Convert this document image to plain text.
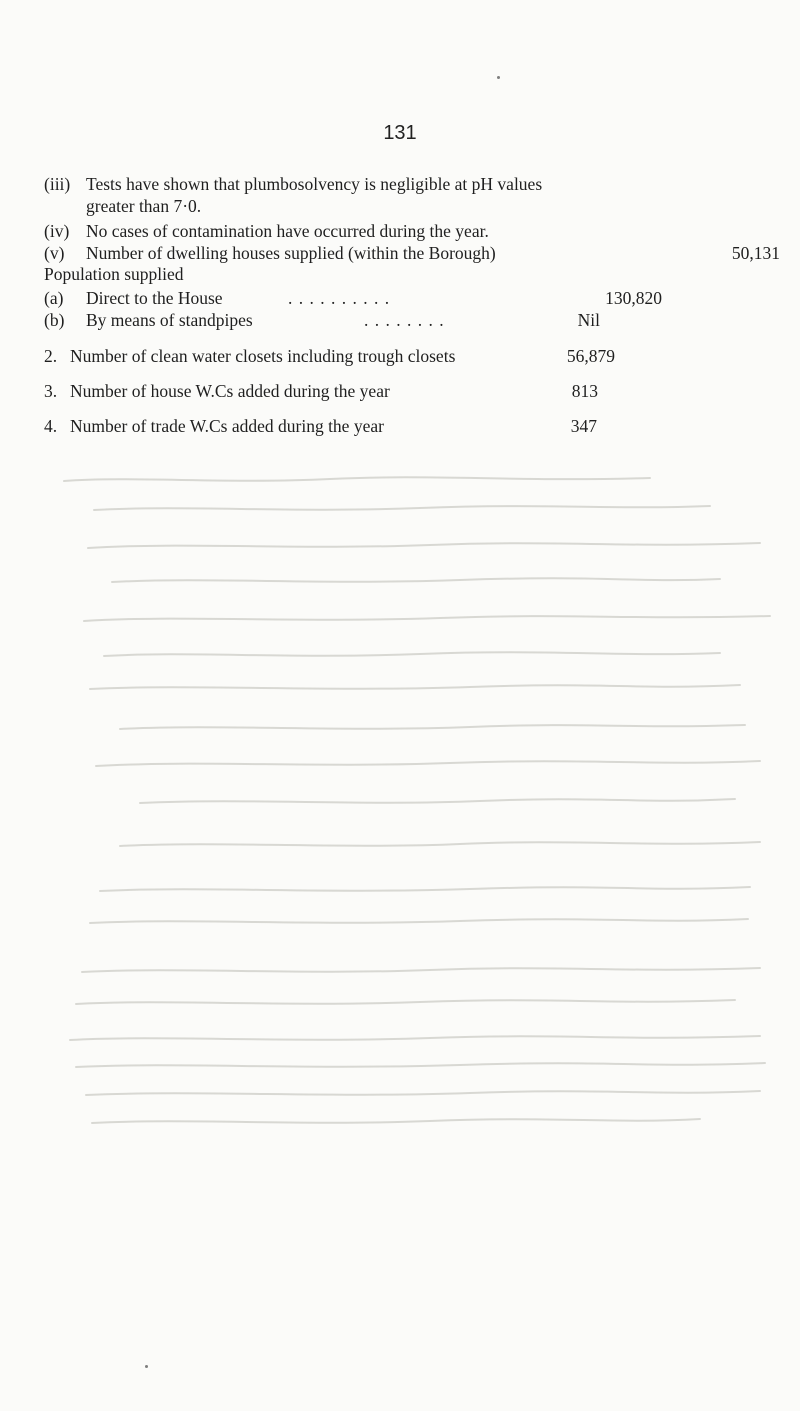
131
(iii) Tests have shown that plumbosolvency is negligible at pH values
greater than 7·0.
(iv) No cases of contamination have occurred during the year.
(v) Number of dwelling houses supplied (within the Borough)	50,131
Population supplied
(a) Direct to the House	. . . . . . . . . .	130,820
(b) By means of standpipes	. . . . . . . .	Nil
2. Number of clean water closets including trough closets	56,879
3. Number of house W.Cs added during the year	813
4. Number of trade W.Cs added during the year	347
